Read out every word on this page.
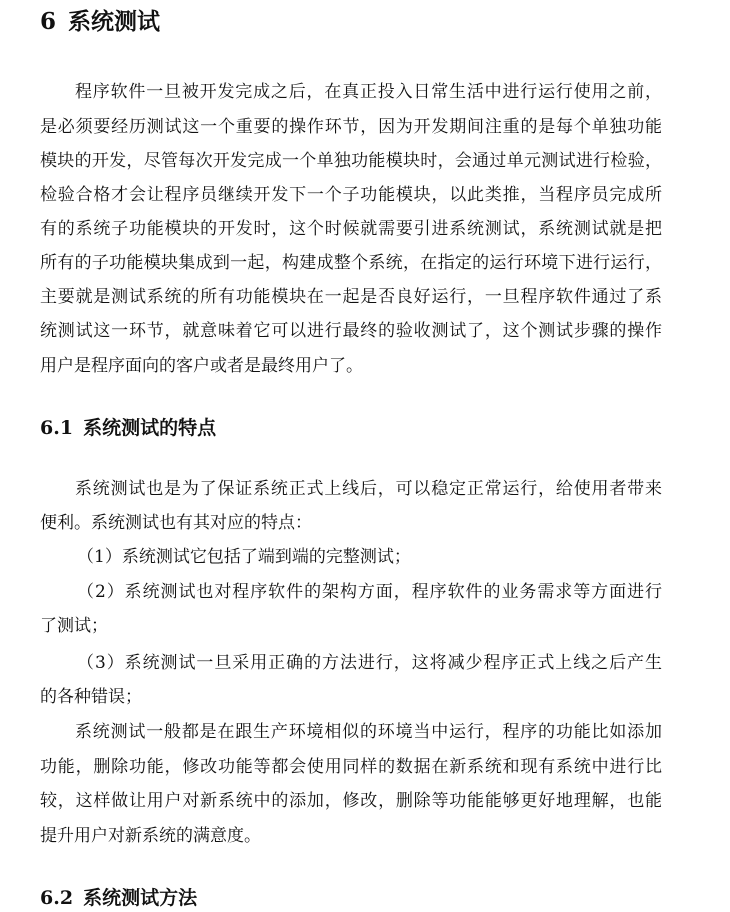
6 系统测试
程序软件一旦被开发完成之后，在真正投入日常生活中进行运行使用之前，
是必须要经历测试这一个重要的操作环节，因为开发期间注重的是每个单独功能
模块的开发，尽管每次开发完成一个单独功能模块时，会通过单元测试进行检验，
检验合格才会让程序员继续开发下一个子功能模块，以此类推，当程序员完成所
有的系统子功能模块的开发时，这个时候就需要引进系统测试，系统测试就是把
所有的子功能模块集成到一起，构建成整个系统，在指定的运行环境下进行运行，
主要就是测试系统的所有功能模块在一起是否良好运行，一旦程序软件通过了系
统测试这一环节，就意味着它可以进行最终的验收测试了，这个测试步骤的操作
用户是程序面向的客户或者是最终用户了。
6.1 系统测试的特点
系统测试也是为了保证系统正式上线后，可以稳定正常运行，给使用者带来
便利。系统测试也有其对应的特点：
（1）系统测试它包括了端到端的完整测试；
（2）系统测试也对程序软件的架构方面，程序软件的业务需求等方面进行
了测试；
（3）系统测试一旦采用正确的方法进行，这将减少程序正式上线之后产生
的各种错误；
系统测试一般都是在跟生产环境相似的环境当中运行，程序的功能比如添加
功能，删除功能，修改功能等都会使用同样的数据在新系统和现有系统中进行比
较，这样做让用户对新系统中的添加，修改，删除等功能能够更好地理解，也能
提升用户对新系统的满意度。
6.2 系统测试方法
